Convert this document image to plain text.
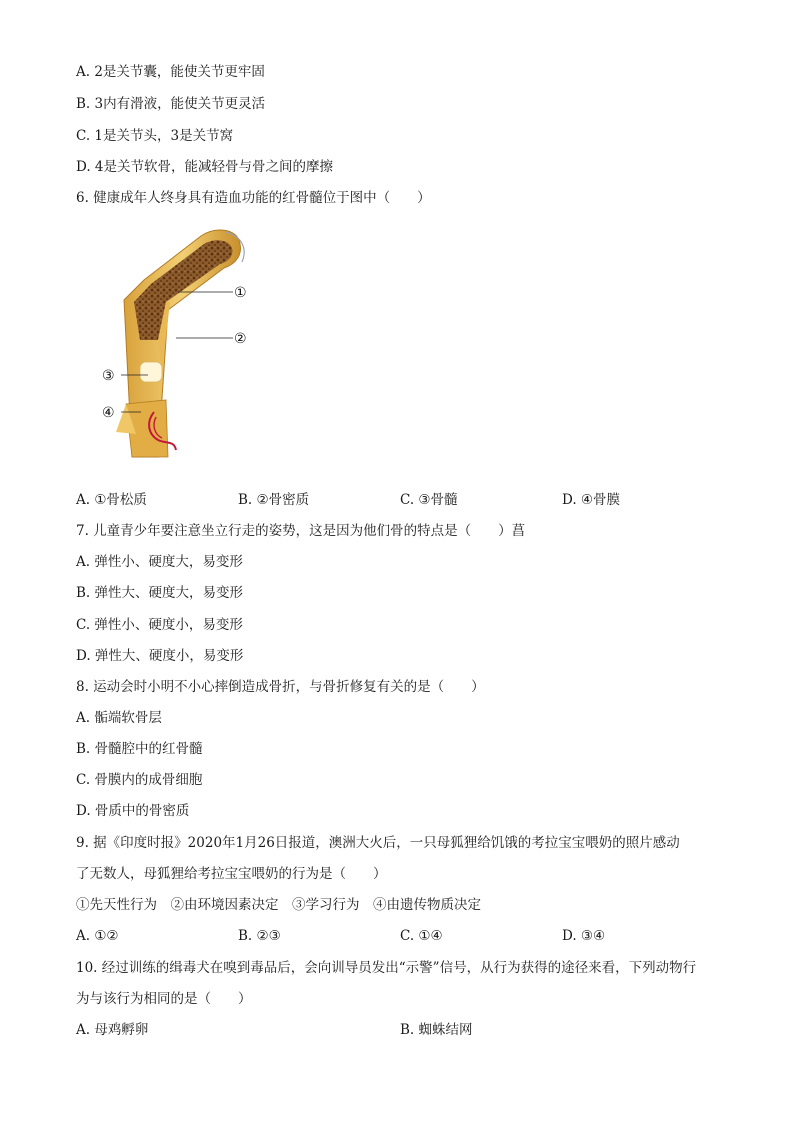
A. 2是关节囊，能使关节更牢固
B. 3内有滑液，能使关节更灵活
C. 1是关节头，3是关节窝
D. 4是关节软骨，能减轻骨与骨之间的摩擦
6. 健康成年人终身具有造血功能的红骨髓位于图中（　　）
①
②
③
④
A. ①骨松质	B. ②骨密质	C. ③骨髓	D. ④骨膜
7. 儿童青少年要注意坐立行走的姿势，这是因为他们骨的特点是（　　）菖
A. 弹性小、硬度大，易变形
B. 弹性大、硬度大，易变形
C. 弹性小、硬度小，易变形
D. 弹性大、硬度小，易变形
8. 运动会时小明不小心摔倒造成骨折，与骨折修复有关的是（　　）
A. 骺端软骨层
B. 骨髓腔中的红骨髓
C. 骨膜内的成骨细胞
D. 骨质中的骨密质
9. 据《印度时报》2020年1月26日报道，澳洲大火后，一只母狐狸给饥饿的考拉宝宝喂奶的照片感动
了无数人，母狐狸给考拉宝宝喂奶的行为是（　　）
①先天性行为　②由环境因素决定　③学习行为　④由遗传物质决定
A. ①②	B. ②③	C. ①④	D. ③④
10. 经过训练的缉毒犬在嗅到毒品后，会向训导员发出“示警”信号，从行为获得的途径来看，下列动物行
为与该行为相同的是（　　）
A. 母鸡孵卵	B. 蜘蛛结网
